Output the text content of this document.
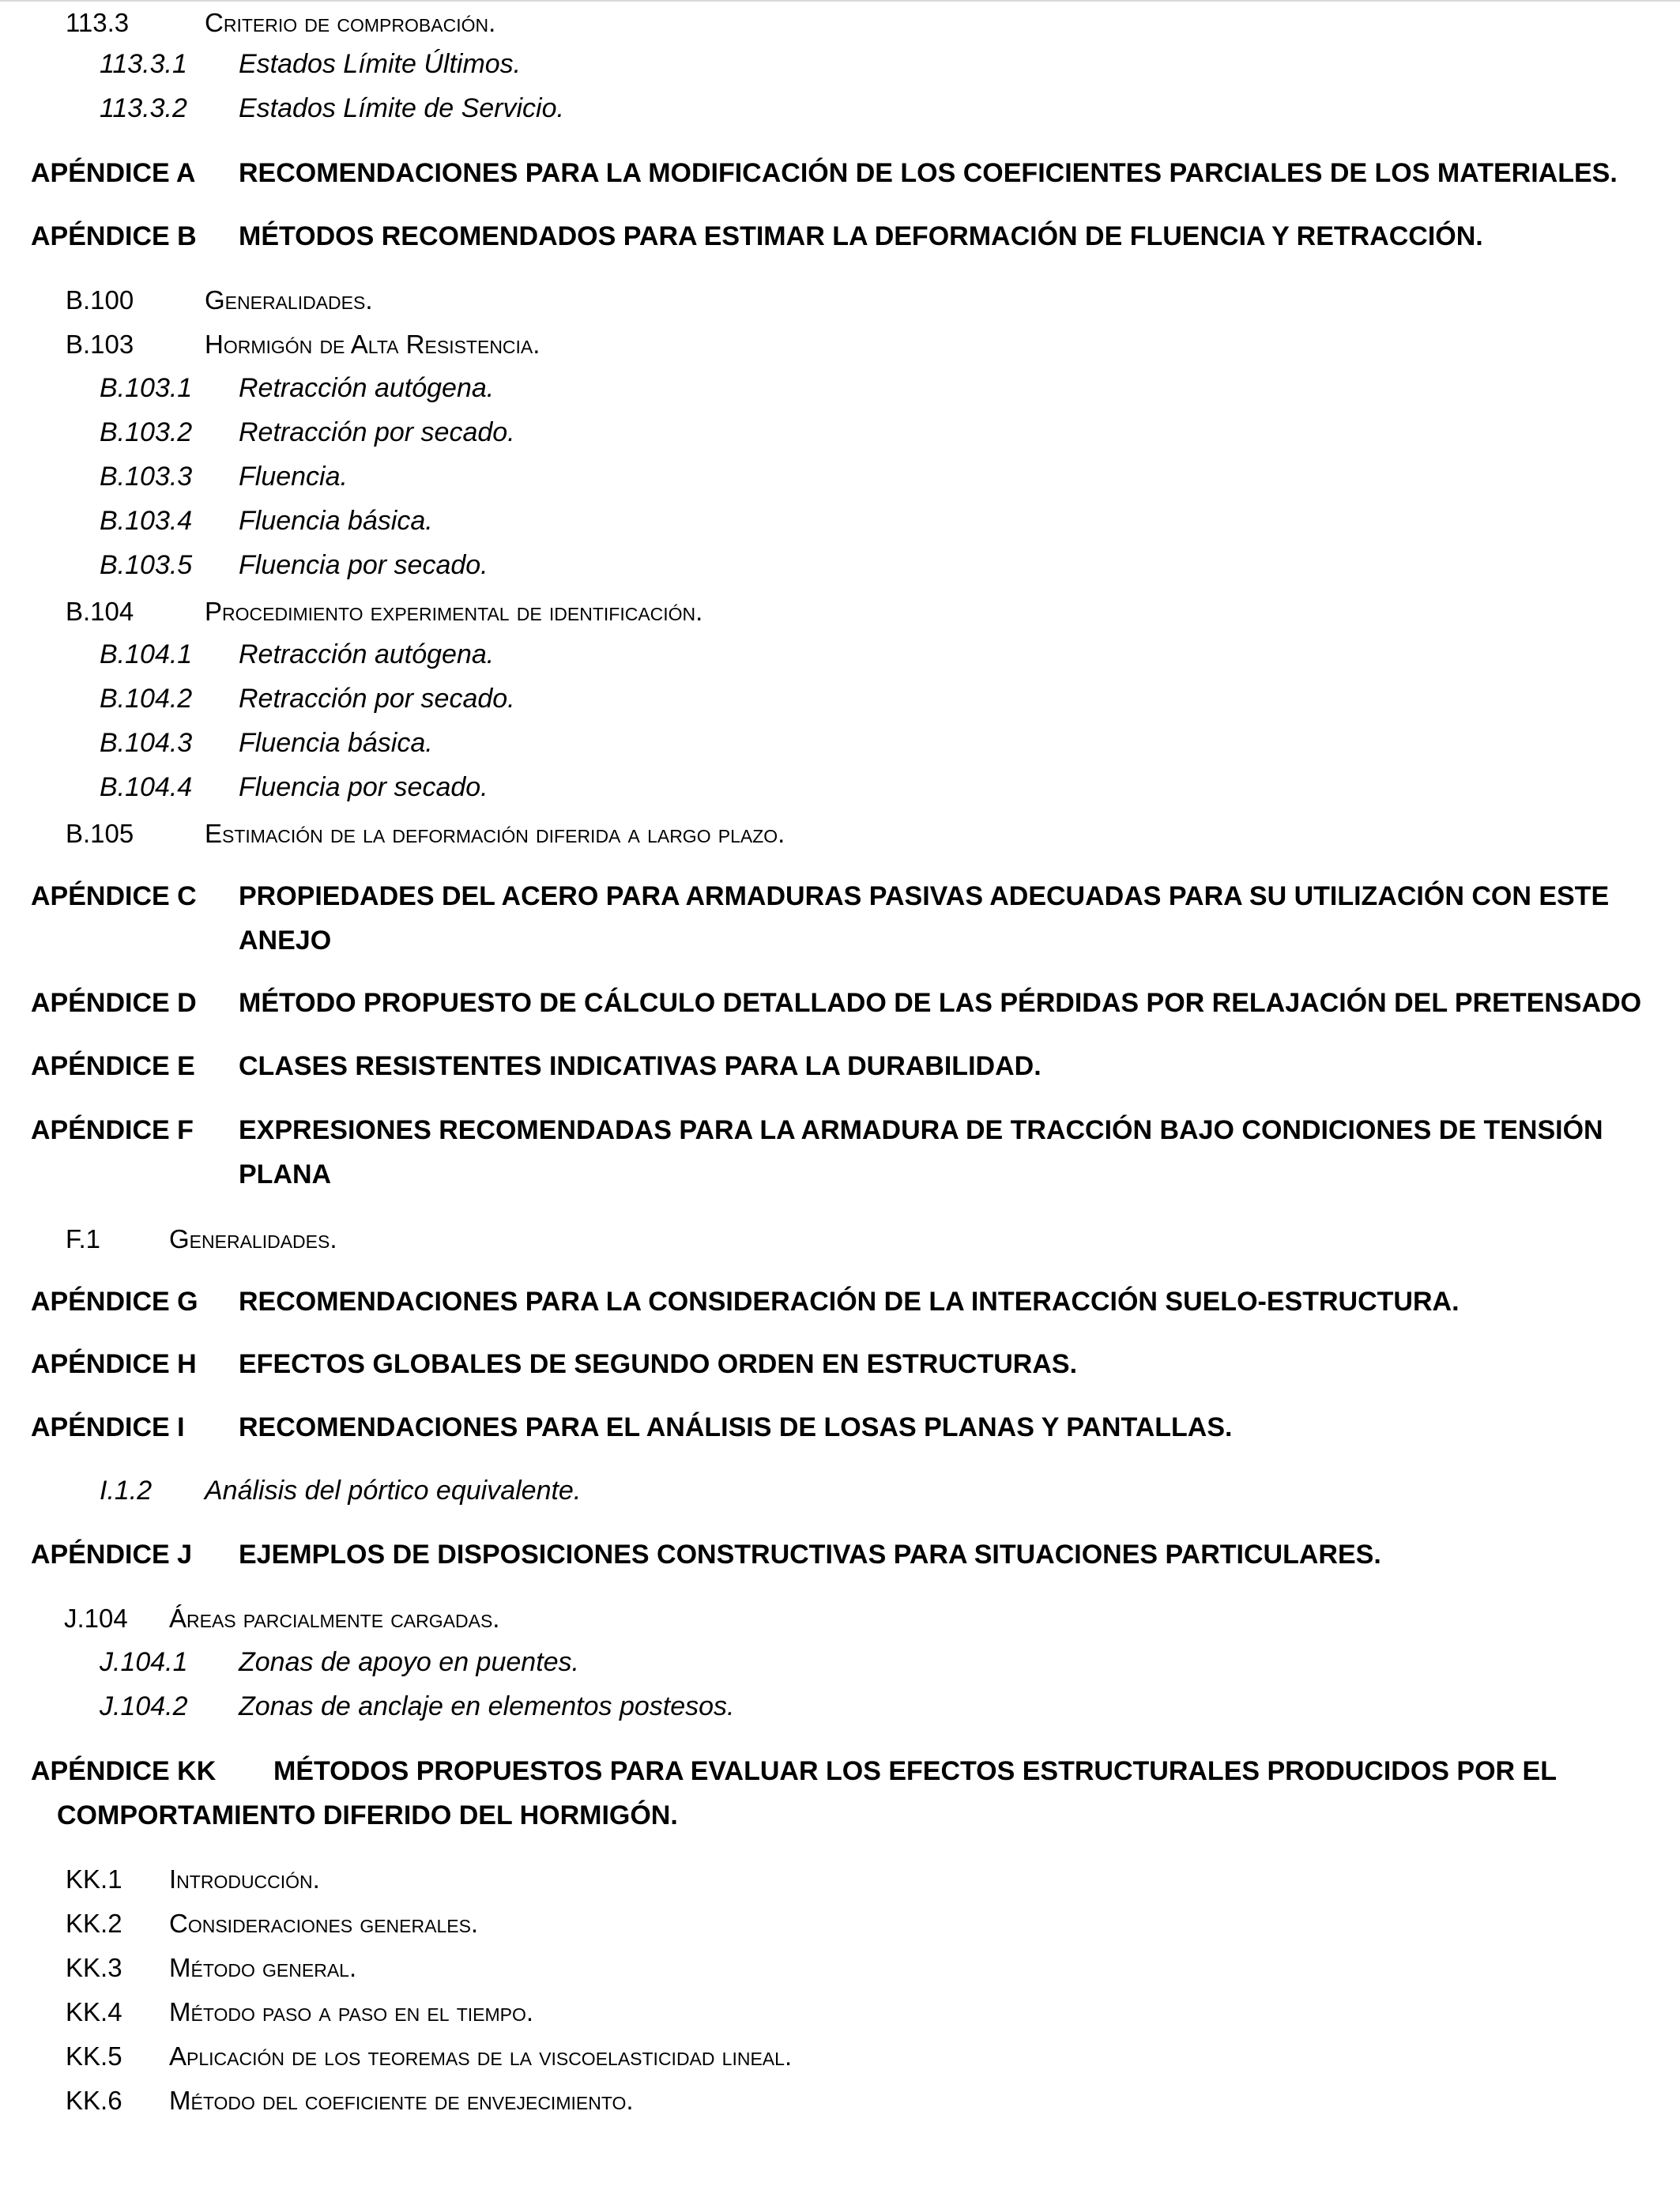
113.3	Criterio de comprobación.
113.3.1 Estados Límite Últimos.
113.3.2 Estados Límite de Servicio.
APÉNDICE A RECOMENDACIONES PARA LA MODIFICACIÓN DE LOS COEFICIENTES PARCIALES DE LOS MATERIALES.
APÉNDICE B MÉTODOS RECOMENDADOS PARA ESTIMAR LA DEFORMACIÓN DE FLUENCIA Y RETRACCIÓN.
B.100	Generalidades.
B.103	Hormigón de Alta Resistencia.
B.103.1 Retracción autógena.
B.103.2 Retracción por secado.
B.103.3 Fluencia.
B.103.4 Fluencia básica.
B.103.5 Fluencia por secado.
B.104	Procedimiento experimental de identificación.
B.104.1 Retracción autógena.
B.104.2 Retracción por secado.
B.104.3 Fluencia básica.
B.104.4 Fluencia por secado.
B.105	Estimación de la deformación diferida a largo plazo.
APÉNDICE C PROPIEDADES DEL ACERO PARA ARMADURAS PASIVAS ADECUADAS PARA SU UTILIZACIÓN CON ESTE ANEJO
APÉNDICE D MÉTODO PROPUESTO DE CÁLCULO DETALLADO DE LAS PÉRDIDAS POR RELAJACIÓN DEL PRETENSADO
APÉNDICE E CLASES RESISTENTES INDICATIVAS PARA LA DURABILIDAD.
APÉNDICE F EXPRESIONES RECOMENDADAS PARA LA ARMADURA DE TRACCIÓN BAJO CONDICIONES DE TENSIÓN PLANA
F.1	Generalidades.
APÉNDICE G RECOMENDACIONES PARA LA CONSIDERACIÓN DE LA INTERACCIÓN SUELO-ESTRUCTURA.
APÉNDICE H EFECTOS GLOBALES DE SEGUNDO ORDEN EN ESTRUCTURAS.
APÉNDICE I RECOMENDACIONES PARA EL ANÁLISIS DE LOSAS PLANAS Y PANTALLAS.
I.1.2 Análisis del pórtico equivalente.
APÉNDICE J EJEMPLOS DE DISPOSICIONES CONSTRUCTIVAS PARA SITUACIONES PARTICULARES.
J.104 Áreas parcialmente cargadas.
J.104.1 Zonas de apoyo en puentes.
J.104.2 Zonas de anclaje en elementos postesos.
APÉNDICE KK MÉTODOS PROPUESTOS PARA EVALUAR LOS EFECTOS ESTRUCTURALES PRODUCIDOS POR EL
COMPORTAMIENTO DIFERIDO DEL HORMIGÓN.
KK.1 Introducción.
KK.2 Consideraciones generales.
KK.3 Método general.
KK.4 Método paso a paso en el tiempo.
KK.5 Aplicación de los teoremas de la viscoelasticidad lineal.
KK.6 Método del coeficiente de envejecimiento.
